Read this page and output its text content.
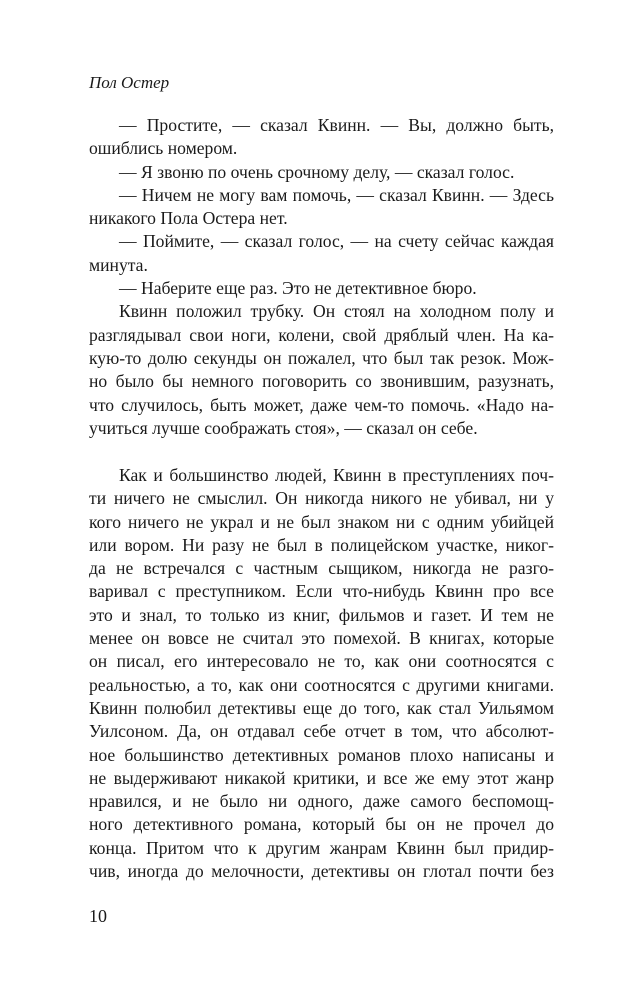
Пол Остер

— Простите, — сказал Квинн. — Вы, должно быть,

ошиблись номером.

— Я звоню по очень срочному делу, — сказал голос.

— Ничем не могу вам помочь, — сказал Квинн. — Здесь

никакого Пола Остера нет.

— Поймите, — сказал голос, — на счету сейчас каждая

минута.

— Наберите еще раз. Это не детективное бюро.

Квинн положил трубку. Он стоял на холодном полу и

разглядывал свои ноги, колени, свой дряблый член. На ка-

кую-то долю секунды он пожалел, что был так резок. Мож-

но было бы немного поговорить со звонившим, разузнать,

что случилось, быть может, даже чем-то помочь. «Надо на-

учиться лучше соображать стоя», — сказал он себе.

Как и большинство людей, Квинн в преступлениях поч-

ти ничего не смыслил. Он никогда никого не убивал, ни у

кого ничего не украл и не был знаком ни с одним убийцей

или вором. Ни разу не был в полицейском участке, никог-

да не встречался с частным сыщиком, никогда не разго-

варивал с преступником. Если что-нибудь Квинн про все

это и знал, то только из книг, фильмов и газет. И тем не

менее он вовсе не считал это помехой. В книгах, которые

он писал, его интересовало не то, как они соотносятся с

реальностью, а то, как они соотносятся с другими книгами.

Квинн полюбил детективы еще до того, как стал Уильямом

Уилсоном. Да, он отдавал себе отчет в том, что абсолют-

ное большинство детективных романов плохо написаны и

не выдерживают никакой критики, и все же ему этот жанр

нравился, и не было ни одного, даже самого беспомощ-

ного детективного романа, который бы он не прочел до

конца. Притом что к другим жанрам Квинн был придир-

чив, иногда до мелочности, детективы он глотал почти без

10
